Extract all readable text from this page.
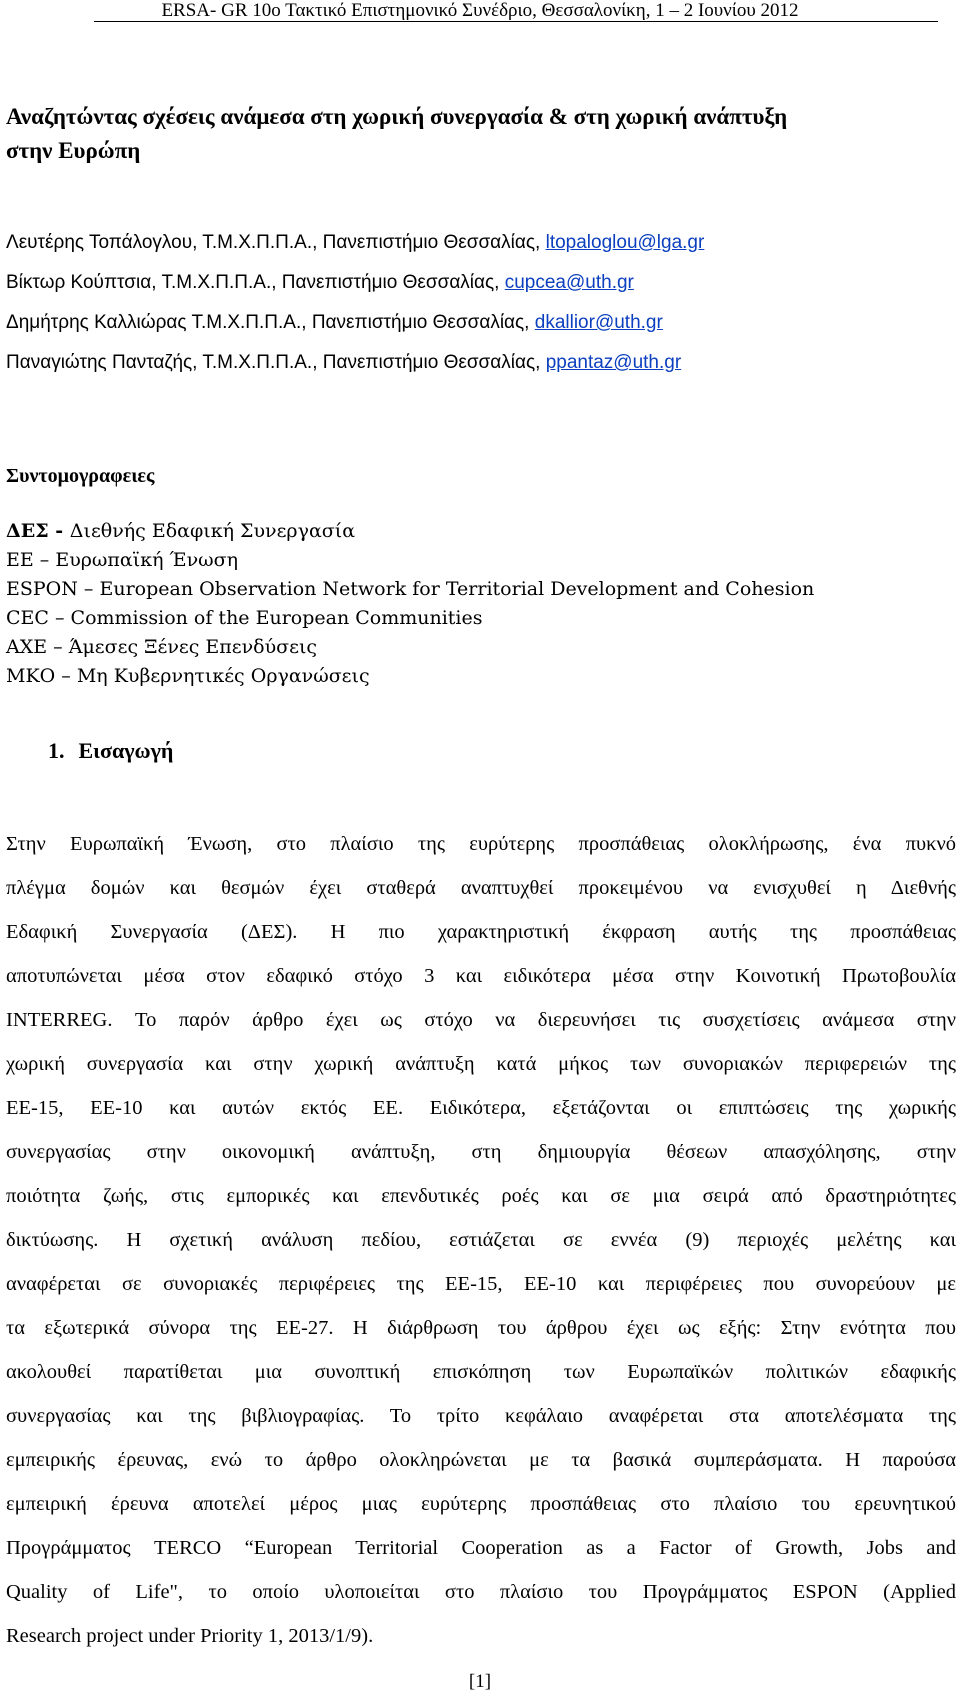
ERSA- GR 10ο Τακτικό Επιστημονικό Συνέδριο, Θεσσαλονίκη, 1 – 2 Ιουνίου 2012
Αναζητώντας σχέσεις ανάμεσα στη χωρική συνεργασία & στη χωρική ανάπτυξη
στην Ευρώπη
Λευτέρης Τοπάλογλου, Τ.Μ.Χ.Π.Π.Α., Πανεπιστήμιο Θεσσαλίας, ltopaloglou@lga.gr
Βίκτωρ Κούπτσια, Τ.Μ.Χ.Π.Π.Α., Πανεπιστήμιο Θεσσαλίας, cupcea@uth.gr
Δημήτρης Καλλιώρας Τ.Μ.Χ.Π.Π.Α., Πανεπιστήμιο Θεσσαλίας, dkallior@uth.gr
Παναγιώτης Πανταζής, Τ.Μ.Χ.Π.Π.Α., Πανεπιστήμιο Θεσσαλίας, ppantaz@uth.gr
Συντομογραφειες
ΔΕΣ - Διεθνής Εδαφική Συνεργασία
ΕΕ – Ευρωπαϊκή Ένωση
ESPON – European Observation Network for Territorial Development and Cohesion
CEC – Commission of the European Communities
ΑΧΕ – Άμεσες Ξένες Επενδύσεις
ΜΚΟ – Μη Κυβερνητικές Οργανώσεις
1. Εισαγωγή
Στην Ευρωπαϊκή Ένωση, στο πλαίσιο της ευρύτερης προσπάθειας ολοκλήρωσης, ένα πυκνό
πλέγμα δομών και θεσμών έχει σταθερά αναπτυχθεί προκειμένου να ενισχυθεί η Διεθνής
Εδαφική Συνεργασία (ΔΕΣ). Η πιο χαρακτηριστική έκφραση αυτής της προσπάθειας
αποτυπώνεται μέσα στον εδαφικό στόχο 3 και ειδικότερα μέσα στην Κοινοτική Πρωτοβουλία
INTERREG. Το παρόν άρθρο έχει ως στόχο να διερευνήσει τις συσχετίσεις ανάμεσα στην
χωρική συνεργασία και στην χωρική ανάπτυξη κατά μήκος των συνοριακών περιφερειών της
ΕΕ-15, ΕΕ-10 και αυτών εκτός ΕΕ. Ειδικότερα, εξετάζονται οι επιπτώσεις της χωρικής
συνεργασίας στην οικονομική ανάπτυξη, στη δημιουργία θέσεων απασχόλησης, στην
ποιότητα ζωής, στις εμπορικές και επενδυτικές ροές και σε μια σειρά από δραστηριότητες
δικτύωσης. Η σχετική ανάλυση πεδίου, εστιάζεται σε εννέα (9) περιοχές μελέτης και
αναφέρεται σε συνοριακές περιφέρειες της ΕΕ-15, ΕΕ-10 και περιφέρειες που συνορεύουν με
τα εξωτερικά σύνορα της ΕΕ-27. Η διάρθρωση του άρθρου έχει ως εξής: Στην ενότητα που
ακολουθεί παρατίθεται μια συνοπτική επισκόπηση των Ευρωπαϊκών πολιτικών εδαφικής
συνεργασίας και της βιβλιογραφίας. Το τρίτο κεφάλαιο αναφέρεται στα αποτελέσματα της
εμπειρικής έρευνας, ενώ το άρθρο ολοκληρώνεται με τα βασικά συμπεράσματα. Η παρούσα
εμπειρική έρευνα αποτελεί μέρος μιας ευρύτερης προσπάθειας στο πλαίσιο του ερευνητικού
Προγράμματος TERCO “European Territorial Cooperation as a Factor of Growth, Jobs and
Quality of Life", το οποίο υλοποιείται στο πλαίσιο του Προγράμματος ESPON (Applied
Research project under Priority 1, 2013/1/9).
[1]
